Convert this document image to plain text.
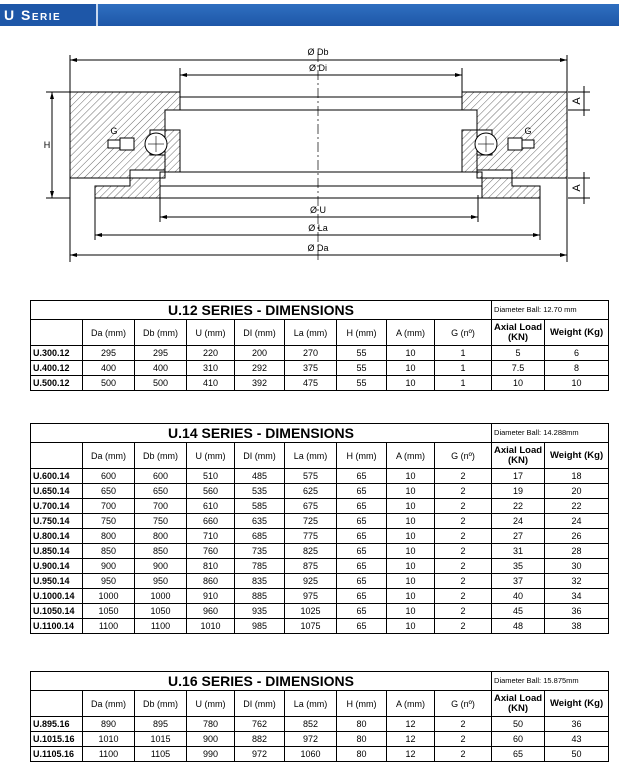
U Serie
Ø Db
Ø Di
Ø U
Ø La
Ø Da
H
G	G
A
A
U.12 SERIES - DIMENSIONS									Diameter Ball: 12.70 mm	
	Da (mm)	Db (mm)	U (mm)	DI (mm)	La (mm)	H (mm)	A (mm)	G (nº)	Axial Load (KN)	Weight (Kg)
U.300.12	295	295	220	200	270	55	10	1	5	6
U.400.12	400	400	310	292	375	55	10	1	7.5	8
U.500.12	500	500	410	392	475	55	10	1	10	10
U.14 SERIES - DIMENSIONS									Diameter Ball: 14.288mm	
	Da (mm)	Db (mm)	U (mm)	DI (mm)	La (mm)	H (mm)	A (mm)	G (nº)	Axial Load (KN)	Weight (Kg)
U.600.14	600	600	510	485	575	65	10	2	17	18
U.650.14	650	650	560	535	625	65	10	2	19	20
U.700.14	700	700	610	585	675	65	10	2	22	22
U.750.14	750	750	660	635	725	65	10	2	24	24
U.800.14	800	800	710	685	775	65	10	2	27	26
U.850.14	850	850	760	735	825	65	10	2	31	28
U.900.14	900	900	810	785	875	65	10	2	35	30
U.950.14	950	950	860	835	925	65	10	2	37	32
U.1000.14	1000	1000	910	885	975	65	10	2	40	34
U.1050.14	1050	1050	960	935	1025	65	10	2	45	36
U.1100.14	1100	1100	1010	985	1075	65	10	2	48	38
U.16 SERIES - DIMENSIONS									Diameter Ball: 15.875mm	
	Da (mm)	Db (mm)	U (mm)	DI (mm)	La (mm)	H (mm)	A (mm)	G (nº)	Axial Load (KN)	Weight (Kg)
U.895.16	890	895	780	762	852	80	12	2	50	36
U.1015.16	1010	1015	900	882	972	80	12	2	60	43
U.1105.16	1100	1105	990	972	1060	80	12	2	65	50
